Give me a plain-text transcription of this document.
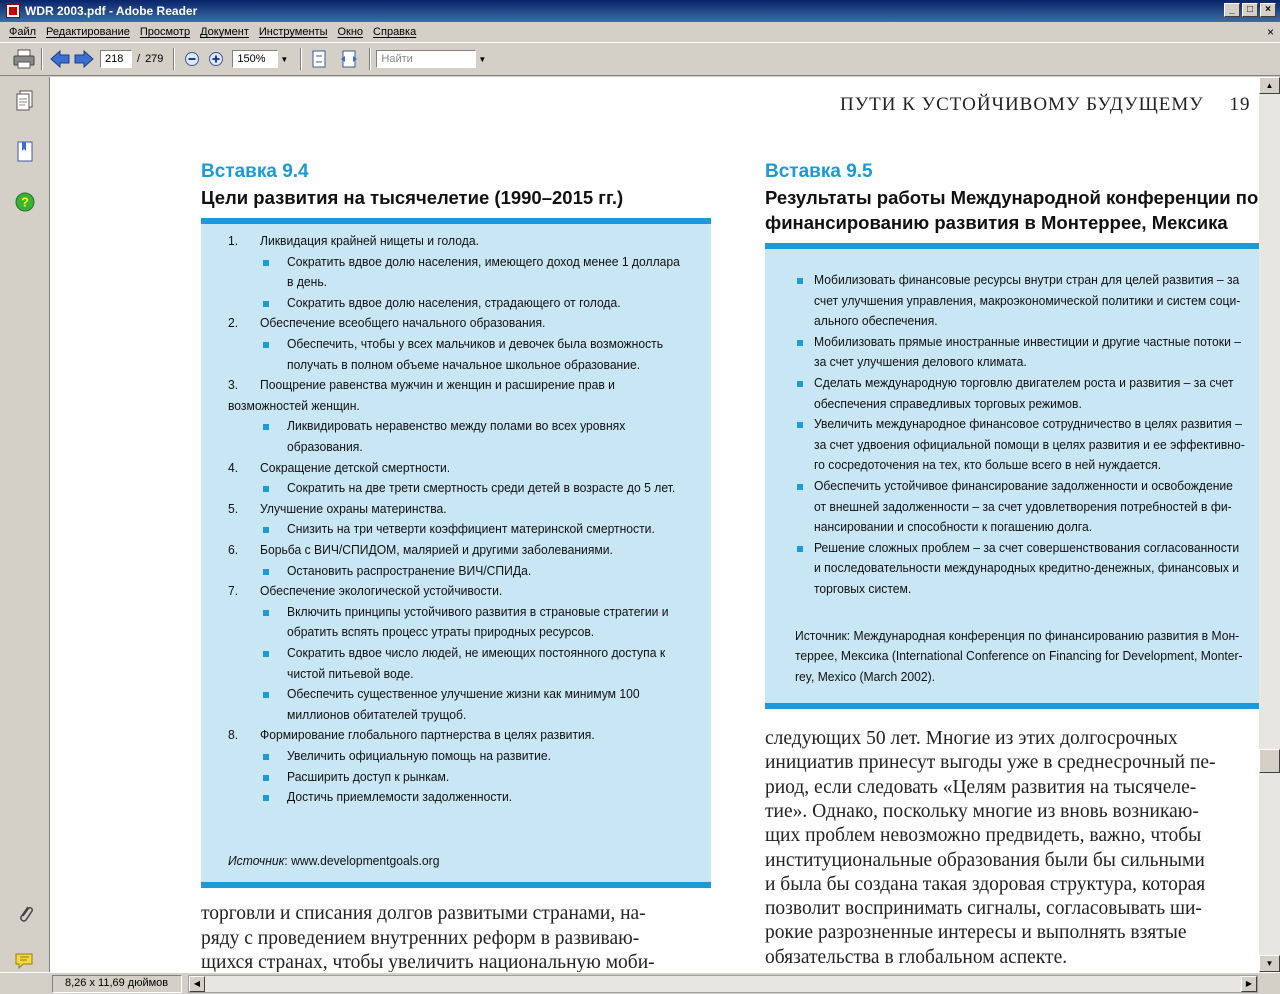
WDR 2003.pdf - Adobe Reader	_	□	×
Файл Редактирование Просмотр Документ Инструменты Окно Справка	×
218	/ 279	150%	▼	Найти	▼
?
ПУТИ К УСТОЙЧИВОМУ БУДУЩЕМУ 19
Вставка 9.4
Цели развития на тысячелетие (1990–2015 гг.)
1. Ликвидация крайней нищеты и голода.
Сократить вдвое долю населения, имеющего доход менее 1 доллара
в день.
Сократить вдвое долю населения, страдающего от голода.
2. Обеспечение всеобщего начального образования.
Обеспечить, чтобы у всех мальчиков и девочек была возможность
получать в полном объеме начальное школьное образование.
3. Поощрение равенства мужчин и женщин и расширение прав и
возможностей женщин.
Ликвидировать неравенство между полами во всех уровнях
образования.
4. Сокращение детской смертности.
Сократить на две трети смертность среди детей в возрасте до 5 лет.
5. Улучшение охраны материнства.
Снизить на три четверти коэффициент материнской смертности.
6. Борьба с ВИЧ/СПИДОМ, малярией и другими заболеваниями.
Остановить распространение ВИЧ/СПИДа.
7. Обеспечение экологической устойчивости.
Включить принципы устойчивого развития в страновые стратегии и
обратить вспять процесс утраты природных ресурсов.
Сократить вдвое число людей, не имеющих постоянного доступа к
чистой питьевой воде.
Обеспечить существенное улучшение жизни как минимум 100
миллионов обитателей трущоб.
8. Формирование глобального партнерства в целях развития.
Увеличить официальную помощь на развитие.
Расширить доступ к рынкам.
Достичь приемлемости задолженности.
Источник: www.developmentgoals.org
Вставка 9.5
Результаты работы Международной конференции по
финансированию развития в Монтеррее, Мексика
Мобилизовать финансовые ресурсы внутри стран для целей развития – за
счет улучшения управления, макроэкономической политики и систем соци-
ального обеспечения.
Мобилизовать прямые иностранные инвестиции и другие частные потоки –
за счет улучшения делового климата.
Сделать международную торговлю двигателем роста и развития – за счет
обеспечения справедливых торговых режимов.
Увеличить международное финансовое сотрудничество в целях развития –
за счет удвоения официальной помощи в целях развития и ее эффективно-
го сосредоточения на тех, кто больше всего в ней нуждается.
Обеспечить устойчивое финансирование задолженности и освобождение
от внешней задолженности – за счет удовлетворения потребностей в фи-
нансировании и способности к погашению долга.
Решение сложных проблем – за счет совершенствования согласованности
и последовательности международных кредитно-денежных, финансовых и
торговых систем.
Источник: Международная конференция по финансированию развития в Мон-
террее, Мексика (International Conference on Financing for Development, Monter-
rey, Mexico (March 2002).
торговли и списания долгов развитыми странами, на-
ряду с проведением внутренних реформ в развиваю-
щихся странах, чтобы увеличить национальную моби-
следующих 50 лет. Многие из этих долгосрочных
инициатив принесут выгоды уже в среднесрочный пе-
риод, если следовать «Целям развития на тысячеле-
тие». Однако, поскольку многие из вновь возникаю-
щих проблем невозможно предвидеть, важно, чтобы
институциональные образования были бы сильными
и была бы создана такая здоровая структура, которая
позволит воспринимать сигналы, согласовывать ши-
рокие разрозненные интересы и выполнять взятые
обязательства в глобальном аспекте.
▲
▼
8,26 x 11,69 дюймов	◀	▶
